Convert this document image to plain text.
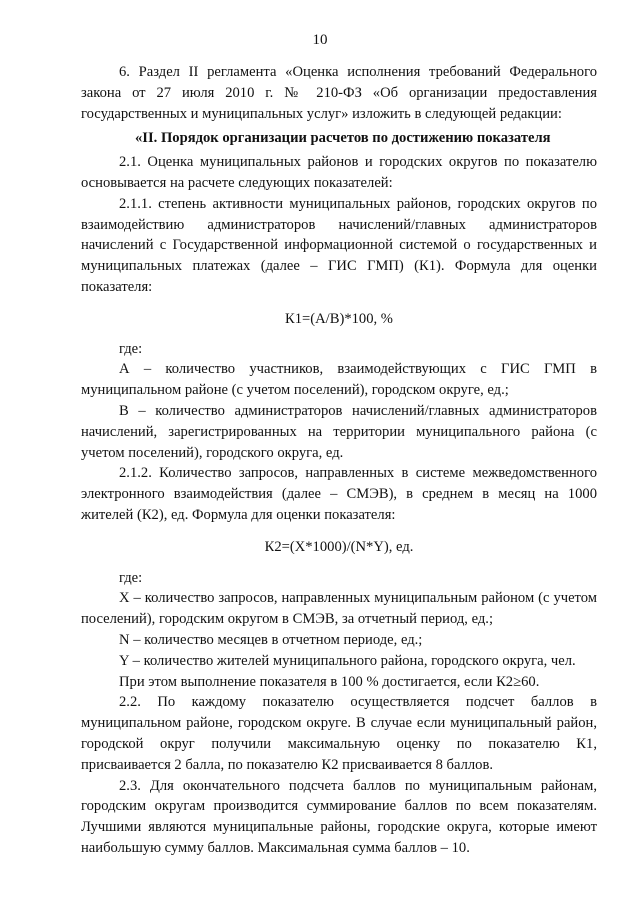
10

6. Раздел II регламента «Оценка исполнения требований Федерального закона от 27 июля 2010 г. № 210-ФЗ «Об организации предоставления государственных и муниципальных услуг» изложить в следующей редакции:

«II. Порядок организации расчетов по достижению показателя

2.1. Оценка муниципальных районов и городских округов по показателю основывается на расчете следующих показателей:

2.1.1. степень активности муниципальных районов, городских округов по взаимодействию администраторов начислений/главных администраторов начислений с Государственной информационной системой о государственных и муниципальных платежах (далее – ГИС ГМП) (К1). Формула для оценки показателя:

К1=(А/В)*100, %

где:

А – количество участников, взаимодействующих с ГИС ГМП в муниципальном районе (с учетом поселений), городском округе, ед.;

В – количество администраторов начислений/главных администраторов начислений, зарегистрированных на территории муниципального района (с учетом поселений), городского округа, ед.

2.1.2. Количество запросов, направленных в системе межведомственного электронного взаимодействия (далее – СМЭВ), в среднем в месяц на 1000 жителей (К2), ед. Формула для оценки показателя:

К2=(Х*1000)/(N*Y), ед.

где:

Х – количество запросов, направленных муниципальным районом (с учетом поселений), городским округом в СМЭВ, за отчетный период, ед.;

N – количество месяцев в отчетном периоде, ед.;

Y – количество жителей муниципального района, городского округа, чел.

При этом выполнение показателя в 100 % достигается, если К2≥60.

2.2. По каждому показателю осуществляется подсчет баллов в муниципальном районе, городском округе. В случае если муниципальный район, городской округ получили максимальную оценку по показателю К1, присваивается 2 балла, по показателю К2 присваивается 8 баллов.

2.3. Для окончательного подсчета баллов по муниципальным районам, городским округам производится суммирование баллов по всем показателям. Лучшими являются муниципальные районы, городские округа, которые имеют наибольшую сумму баллов. Максимальная сумма баллов – 10.
